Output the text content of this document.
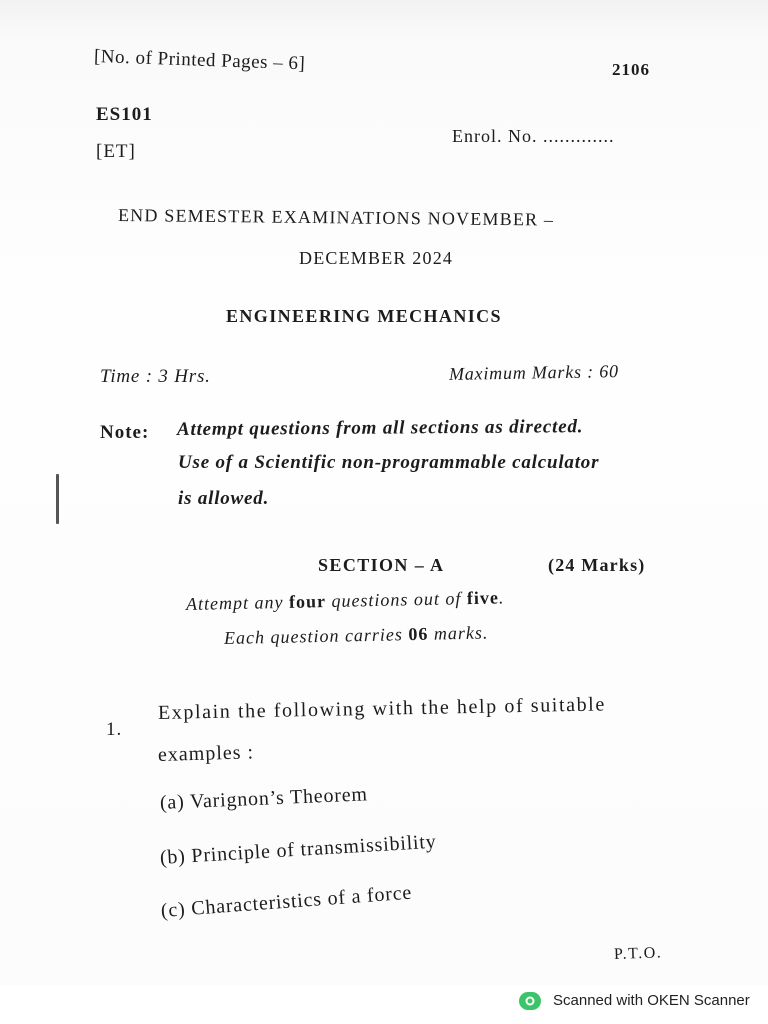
[No. of Printed Pages – 6]	2106
ES101
[ET]
Enrol. No. .............
END SEMESTER EXAMINATIONS NOVEMBER –
DECEMBER 2024
ENGINEERING MECHANICS
Time : 3 Hrs.	Maximum Marks : 60
Note: Attempt questions from all sections as directed.
Use of a Scientific non-programmable calculator
is allowed.
SECTION – A	(24 Marks)
Attempt any four questions out of five.
Each question carries 06 marks.
1.
Explain the following with the help of suitable
examples :
(a) Varignon’s Theorem
(b) Principle of transmissibility
(c) Characteristics of a force
P.T.O.
Scanned with OKEN Scanner
